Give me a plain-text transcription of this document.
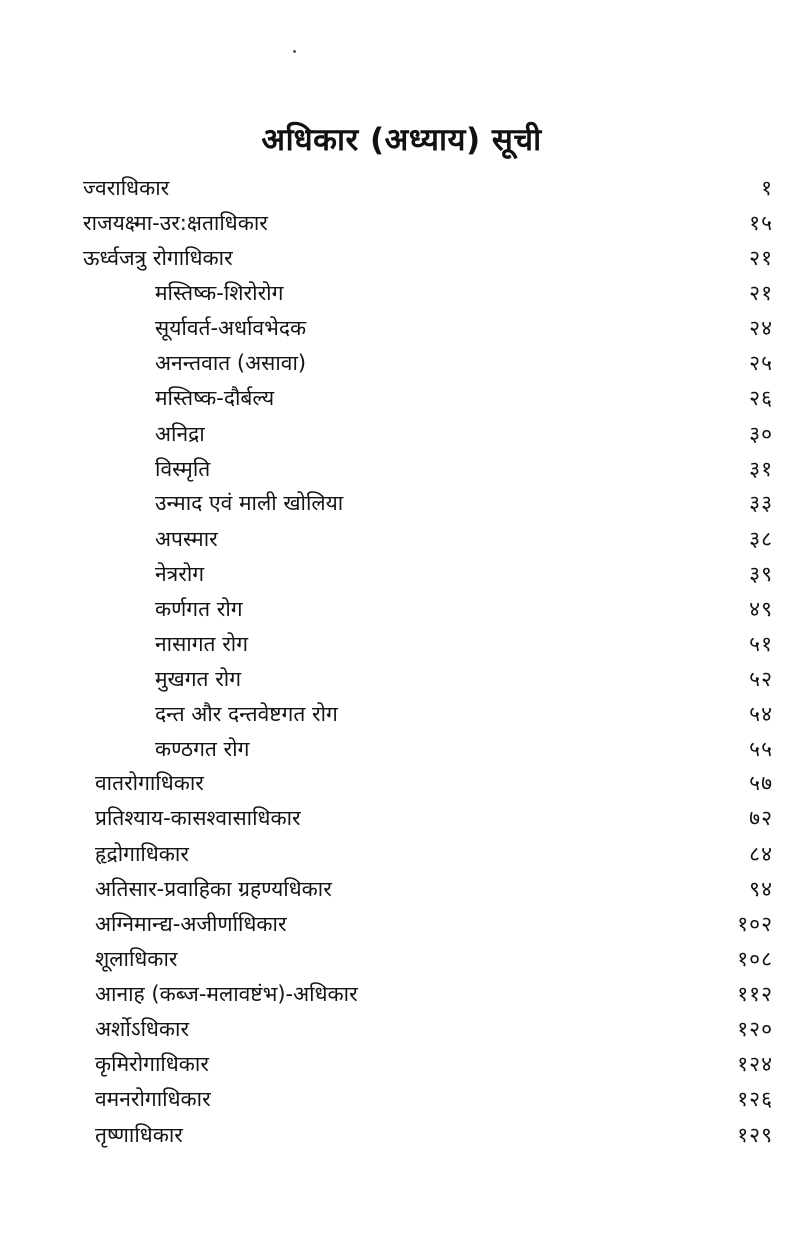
अधिकार (अध्याय) सूची
ज्वराधिकार	१
राजयक्ष्मा-उर:क्षताधिकार	१५
ऊर्ध्वजत्रु रोगाधिकार	२१
मस्तिष्क-शिरोरोग	२१
सूर्यावर्त-अर्धावभेदक	२४
अनन्तवात (असावा)	२५
मस्तिष्क-दौर्बल्य	२६
अनिद्रा	३०
विस्मृति	३१
उन्माद एवं माली खोलिया	३३
अपस्मार	३८
नेत्ररोग	३९
कर्णगत रोग	४९
नासागत रोग	५१
मुखगत रोग	५२
दन्त और दन्तवेष्टगत रोग	५४
कण्ठगत रोग	५५
वातरोगाधिकार	५७
प्रतिश्याय-कासश्वासाधिकार	७२
हृद्रोगाधिकार	८४
अतिसार-प्रवाहिका ग्रहण्यधिकार	९४
अग्निमान्द्य-अजीर्णाधिकार	१०२
शूलाधिकार	१०८
आनाह (कब्ज-मलावष्टंभ)-अधिकार	११२
अर्शोऽधिकार	१२०
कृमिरोगाधिकार	१२४
वमनरोगाधिकार	१२६
तृष्णाधिकार	१२९
